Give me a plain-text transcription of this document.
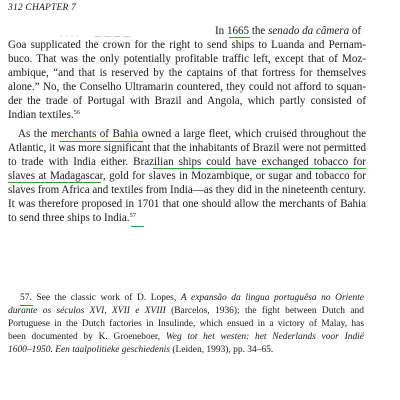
312 CHAPTER 7
· · · ·	— — — —	In 1665 the senado da câmera of
Goa supplicated the crown for the right to send ships to Luanda and Pernam-
buco. That was the only potentially profitable traffic left, except that of Moz-
ambique, “and that is reserved by the captains of that fortress for themselves
alone.” No, the Conselho Ultramarin countered, they could not afford to squan-
der the trade of Portugal with Brazil and Angola, which partly consisted of
Indian textiles.$^{56}$
As the merchants of Bahia owned a large fleet, which cruised throughout the
Atlantic, it was more significant that the inhabitants of Brazil were not permitted
to trade with India either. Brazilian ships could have exchanged tobacco for
slaves at Madagascar, gold for slaves in Mozambique, or sugar and tobacco for
slaves from Africa and textiles from India—as they did in the nineteenth century.
It was therefore proposed in 1701 that one should allow the merchants of Bahia
to send three ships to India.$^{57}$
57. See the classic work of D. Lopes, A expansão da lingua portuguêsa no Oriente
durante os séculos XVI, XVII e XVIII (Barcelos, 1936); the fight between Dutch and
Portuguese in the Dutch factories in Insulinde, which ensued in a victory of Malay, has
been documented by K. Groeneboer, Weg tot het westen: het Nederlands voor Indië
1600–1950. Een taalpolitieke geschiedenis (Leiden, 1993), pp. 34–65.
